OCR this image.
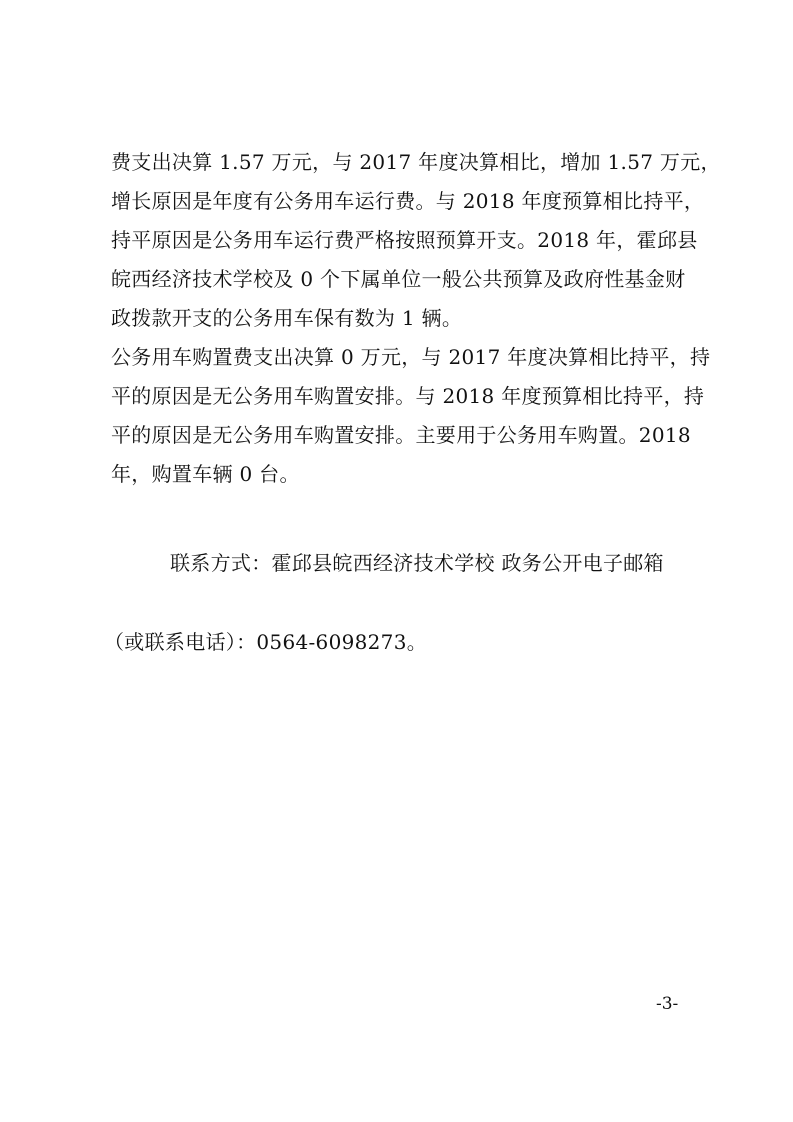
费支出决算 1.57 万元，与 2017 年度决算相比，增加 1.57 万元，
增长原因是年度有公务用车运行费。与 2018 年度预算相比持平，
持平原因是公务用车运行费严格按照预算开支。2018 年，霍邱县
皖西经济技术学校及 0 个下属单位一般公共预算及政府性基金财
政拨款开支的公务用车保有数为 1 辆。
公务用车购置费支出决算 0 万元，与 2017 年度决算相比持平，持
平的原因是无公务用车购置安排。与 2018 年度预算相比持平，持
平的原因是无公务用车购置安排。主要用于公务用车购置。2018
年，购置车辆 0 台。
联系方式：霍邱县皖西经济技术学校 政务公开电子邮箱
（或联系电话）：0564-6098273。
-3-
